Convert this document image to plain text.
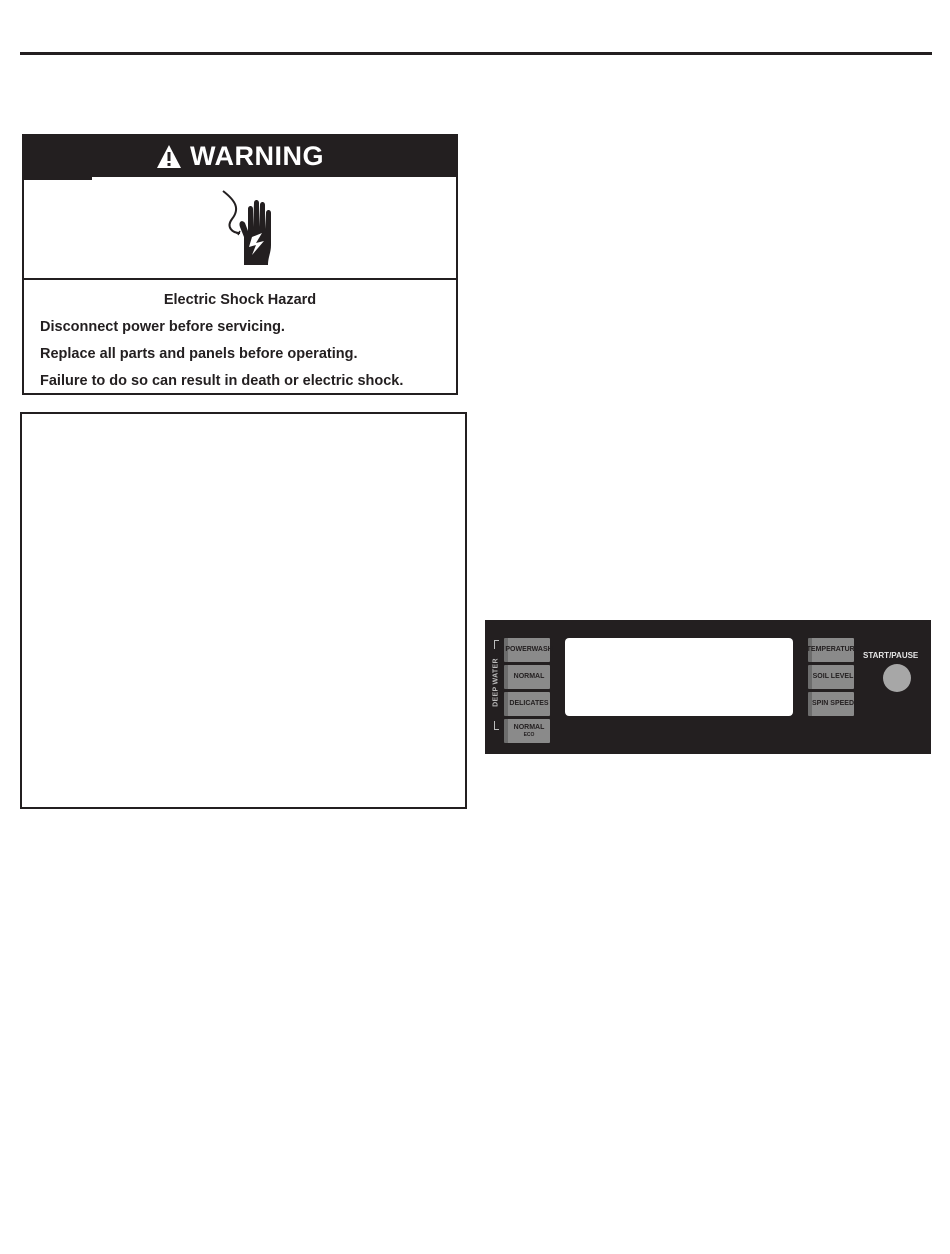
WARNING

Electric Shock Hazard

Disconnect power before servicing.

Replace all parts and panels before operating.

Failure to do so can result in death or electric shock.

DEEP WATER
POWERWASH
NORMAL
DELICATES
NORMAL
ECO
TEMPERATURE
SOIL LEVEL
SPIN SPEED
START/PAUSE
